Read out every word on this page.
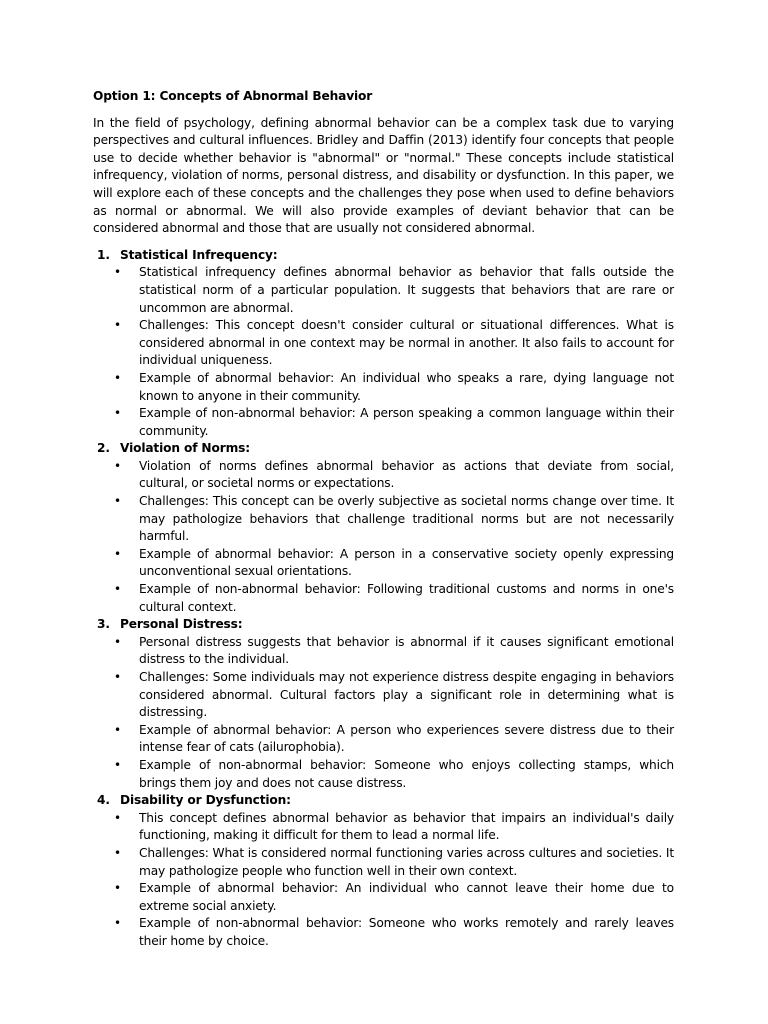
Option 1: Concepts of Abnormal Behavior

In the field of psychology, defining abnormal behavior can be a complex task due to varying perspectives and cultural influences. Bridley and Daffin (2013) identify four concepts that people use to decide whether behavior is "abnormal" or "normal." These concepts include statistical infrequency, violation of norms, personal distress, and disability or dysfunction. In this paper, we will explore each of these concepts and the challenges they pose when used to define behaviors as normal or abnormal. We will also provide examples of deviant behavior that can be considered abnormal and those that are usually not considered abnormal.

1. Statistical Infrequency:
• Statistical infrequency defines abnormal behavior as behavior that falls outside the statistical norm of a particular population. It suggests that behaviors that are rare or uncommon are abnormal.
• Challenges: This concept doesn't consider cultural or situational differences. What is considered abnormal in one context may be normal in another. It also fails to account for individual uniqueness.
• Example of abnormal behavior: An individual who speaks a rare, dying language not known to anyone in their community.
• Example of non-abnormal behavior: A person speaking a common language within their community.
2. Violation of Norms:
• Violation of norms defines abnormal behavior as actions that deviate from social, cultural, or societal norms or expectations.
• Challenges: This concept can be overly subjective as societal norms change over time. It may pathologize behaviors that challenge traditional norms but are not necessarily harmful.
• Example of abnormal behavior: A person in a conservative society openly expressing unconventional sexual orientations.
• Example of non-abnormal behavior: Following traditional customs and norms in one's cultural context.
3. Personal Distress:
• Personal distress suggests that behavior is abnormal if it causes significant emotional distress to the individual.
• Challenges: Some individuals may not experience distress despite engaging in behaviors considered abnormal. Cultural factors play a significant role in determining what is distressing.
• Example of abnormal behavior: A person who experiences severe distress due to their intense fear of cats (ailurophobia).
• Example of non-abnormal behavior: Someone who enjoys collecting stamps, which brings them joy and does not cause distress.
4. Disability or Dysfunction:
• This concept defines abnormal behavior as behavior that impairs an individual's daily functioning, making it difficult for them to lead a normal life.
• Challenges: What is considered normal functioning varies across cultures and societies. It may pathologize people who function well in their own context.
• Example of abnormal behavior: An individual who cannot leave their home due to extreme social anxiety.
• Example of non-abnormal behavior: Someone who works remotely and rarely leaves their home by choice.
